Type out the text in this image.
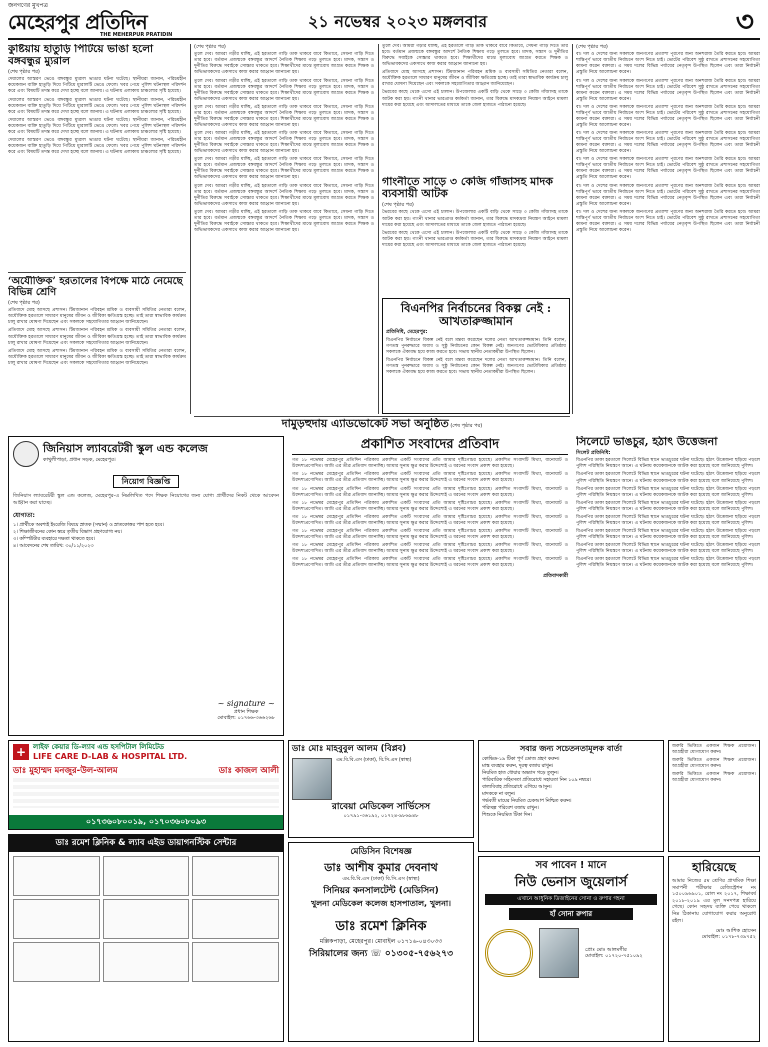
জনগণের মুখপত্র
মেহেরপুর প্রতিদিন
THE MEHERPUR PRATIDIN
২১ নভেম্বর ২০২৩ মঙ্গলবার	৩
কুষ্টিয়ায় হাতুড়ি পিটিয়ে ভাঙা হলো বঙ্গবন্ধুর ম্যুরাল
(শেষ পৃষ্ঠার পর)
দেয়ালের আস্তরণ ভেঙে বঙ্গবন্ধুর ম্যুরাল ভাঙার ঘটনা ঘটেছে। স্থানীয়রা জানান, পরিচয়হীন কয়েকজন ব্যক্তি হাতুড়ি দিয়ে পিটিয়ে ম্যুরালটি ভেঙে ফেলে। খবর পেয়ে পুলিশ ঘটনাস্থল পরিদর্শন করে এবং বিষয়টি তদন্ত করে দেখা হচ্ছে বলে জানায়। এ ঘটনায় এলাকায় চাঞ্চল্যের সৃষ্টি হয়েছে।
দেয়ালের আস্তরণ ভেঙে বঙ্গবন্ধুর ম্যুরাল ভাঙার ঘটনা ঘটেছে। স্থানীয়রা জানান, পরিচয়হীন কয়েকজন ব্যক্তি হাতুড়ি দিয়ে পিটিয়ে ম্যুরালটি ভেঙে ফেলে। খবর পেয়ে পুলিশ ঘটনাস্থল পরিদর্শন করে এবং বিষয়টি তদন্ত করে দেখা হচ্ছে বলে জানায়। এ ঘটনায় এলাকায় চাঞ্চল্যের সৃষ্টি হয়েছে।
দেয়ালের আস্তরণ ভেঙে বঙ্গবন্ধুর ম্যুরাল ভাঙার ঘটনা ঘটেছে। স্থানীয়রা জানান, পরিচয়হীন কয়েকজন ব্যক্তি হাতুড়ি দিয়ে পিটিয়ে ম্যুরালটি ভেঙে ফেলে। খবর পেয়ে পুলিশ ঘটনাস্থল পরিদর্শন করে এবং বিষয়টি তদন্ত করে দেখা হচ্ছে বলে জানায়। এ ঘটনায় এলাকায় চাঞ্চল্যের সৃষ্টি হয়েছে।
দেয়ালের আস্তরণ ভেঙে বঙ্গবন্ধুর ম্যুরাল ভাঙার ঘটনা ঘটেছে। স্থানীয়রা জানান, পরিচয়হীন কয়েকজন ব্যক্তি হাতুড়ি দিয়ে পিটিয়ে ম্যুরালটি ভেঙে ফেলে। খবর পেয়ে পুলিশ ঘটনাস্থল পরিদর্শন করে এবং বিষয়টি তদন্ত করে দেখা হচ্ছে বলে জানায়। এ ঘটনায় এলাকায় চাঞ্চল্যের সৃষ্টি হয়েছে।
‘অযৌক্তিক’ হরতালের বিপক্ষে মাঠে নেমেছে বিভিন্ন শ্রেণি
(শেষ পৃষ্ঠার পর)
প্রতিবাদে মোহ আসছে প্রশাসন। টিমজানান পরিবহন শ্রমিক ও ব্যবসায়ী সমিতির নেতারা বলেন, অযৌক্তিক হরতালে সাধারণ মানুষের জীবন ও জীবিকা ক্ষতিগ্রস্ত হচ্ছে। তাই তারা স্বাভাবিক কার্যক্রম চালু রাখার ঘোষণা দিয়েছেন এবং সকলকে সহযোগিতার আহ্বান জানিয়েছেন।
প্রতিবাদে মোহ আসছে প্রশাসন। টিমজানান পরিবহন শ্রমিক ও ব্যবসায়ী সমিতির নেতারা বলেন, অযৌক্তিক হরতালে সাধারণ মানুষের জীবন ও জীবিকা ক্ষতিগ্রস্ত হচ্ছে। তাই তারা স্বাভাবিক কার্যক্রম চালু রাখার ঘোষণা দিয়েছেন এবং সকলকে সহযোগিতার আহ্বান জানিয়েছেন।
প্রতিবাদে মোহ আসছে প্রশাসন। টিমজানান পরিবহন শ্রমিক ও ব্যবসায়ী সমিতির নেতারা বলেন, অযৌক্তিক হরতালে সাধারণ মানুষের জীবন ও জীবিকা ক্ষতিগ্রস্ত হচ্ছে। তাই তারা স্বাভাবিক কার্যক্রম চালু রাখার ঘোষণা দিয়েছেন এবং সকলকে সহযোগিতার আহ্বান জানিয়েছেন।
(শেষ পৃষ্ঠার পর)
তুলে দেব। আমরা গড়ীর যাচ্ছি, এই হরতালে গাড়ি তাক থাকবে বাবে কিতাবে, সেধনা গাড়ি দিতে তার হবে। বর্তমান প্রজন্মকে বঙ্গবন্ধুর আদর্শে নৈতিক শিক্ষায় গড়ে তুলতে হবে। মাদক, সন্ত্রাস ও দুর্নীতির বিরুদ্ধে সবাইকে সোচ্চার থাকতে হবে। শিক্ষার্থীদের মাঝে মূল্যবোধ জাগ্রত করতে শিক্ষক ও অভিভাবকদের একসাথে কাজ করার আহ্বান জানানো হয়।
তুলে দেব। আমরা গড়ীর যাচ্ছি, এই হরতালে গাড়ি তাক থাকবে বাবে কিতাবে, সেধনা গাড়ি দিতে তার হবে। বর্তমান প্রজন্মকে বঙ্গবন্ধুর আদর্শে নৈতিক শিক্ষায় গড়ে তুলতে হবে। মাদক, সন্ত্রাস ও দুর্নীতির বিরুদ্ধে সবাইকে সোচ্চার থাকতে হবে। শিক্ষার্থীদের মাঝে মূল্যবোধ জাগ্রত করতে শিক্ষক ও অভিভাবকদের একসাথে কাজ করার আহ্বান জানানো হয়।
তুলে দেব। আমরা গড়ীর যাচ্ছি, এই হরতালে গাড়ি তাক থাকবে বাবে কিতাবে, সেধনা গাড়ি দিতে তার হবে। বর্তমান প্রজন্মকে বঙ্গবন্ধুর আদর্শে নৈতিক শিক্ষায় গড়ে তুলতে হবে। মাদক, সন্ত্রাস ও দুর্নীতির বিরুদ্ধে সবাইকে সোচ্চার থাকতে হবে। শিক্ষার্থীদের মাঝে মূল্যবোধ জাগ্রত করতে শিক্ষক ও অভিভাবকদের একসাথে কাজ করার আহ্বান জানানো হয়।
তুলে দেব। আমরা গড়ীর যাচ্ছি, এই হরতালে গাড়ি তাক থাকবে বাবে কিতাবে, সেধনা গাড়ি দিতে তার হবে। বর্তমান প্রজন্মকে বঙ্গবন্ধুর আদর্শে নৈতিক শিক্ষায় গড়ে তুলতে হবে। মাদক, সন্ত্রাস ও দুর্নীতির বিরুদ্ধে সবাইকে সোচ্চার থাকতে হবে। শিক্ষার্থীদের মাঝে মূল্যবোধ জাগ্রত করতে শিক্ষক ও অভিভাবকদের একসাথে কাজ করার আহ্বান জানানো হয়।
তুলে দেব। আমরা গড়ীর যাচ্ছি, এই হরতালে গাড়ি তাক থাকবে বাবে কিতাবে, সেধনা গাড়ি দিতে তার হবে। বর্তমান প্রজন্মকে বঙ্গবন্ধুর আদর্শে নৈতিক শিক্ষায় গড়ে তুলতে হবে। মাদক, সন্ত্রাস ও দুর্নীতির বিরুদ্ধে সবাইকে সোচ্চার থাকতে হবে। শিক্ষার্থীদের মাঝে মূল্যবোধ জাগ্রত করতে শিক্ষক ও অভিভাবকদের একসাথে কাজ করার আহ্বান জানানো হয়।
তুলে দেব। আমরা গড়ীর যাচ্ছি, এই হরতালে গাড়ি তাক থাকবে বাবে কিতাবে, সেধনা গাড়ি দিতে তার হবে। বর্তমান প্রজন্মকে বঙ্গবন্ধুর আদর্শে নৈতিক শিক্ষায় গড়ে তুলতে হবে। মাদক, সন্ত্রাস ও দুর্নীতির বিরুদ্ধে সবাইকে সোচ্চার থাকতে হবে। শিক্ষার্থীদের মাঝে মূল্যবোধ জাগ্রত করতে শিক্ষক ও অভিভাবকদের একসাথে কাজ করার আহ্বান জানানো হয়।
তুলে দেব। আমরা গড়ীর যাচ্ছি, এই হরতালে গাড়ি তাক থাকবে বাবে কিতাবে, সেধনা গাড়ি দিতে তার হবে। বর্তমান প্রজন্মকে বঙ্গবন্ধুর আদর্শে নৈতিক শিক্ষায় গড়ে তুলতে হবে। মাদক, সন্ত্রাস ও দুর্নীতির বিরুদ্ধে সবাইকে সোচ্চার থাকতে হবে। শিক্ষার্থীদের মাঝে মূল্যবোধ জাগ্রত করতে শিক্ষক ও অভিভাবকদের একসাথে কাজ করার আহ্বান জানানো হয়।
তুলে দেব। আমরা গড়ীর যাচ্ছি, এই হরতালে গাড়ি তাক থাকবে বাবে কিতাবে, সেধনা গাড়ি দিতে তার হবে। বর্তমান প্রজন্মকে বঙ্গবন্ধুর আদর্শে নৈতিক শিক্ষায় গড়ে তুলতে হবে। মাদক, সন্ত্রাস ও দুর্নীতির বিরুদ্ধে সবাইকে সোচ্চার থাকতে হবে। শিক্ষার্থীদের মাঝে মূল্যবোধ জাগ্রত করতে শিক্ষক ও অভিভাবকদের একসাথে কাজ করার আহ্বান জানানো হয়।
প্রতিবাদে মোহ আসছে প্রশাসন। টিমজানান পরিবহন শ্রমিক ও ব্যবসায়ী সমিতির নেতারা বলেন, অযৌক্তিক হরতালে সাধারণ মানুষের জীবন ও জীবিকা ক্ষতিগ্রস্ত হচ্ছে। তাই তারা স্বাভাবিক কার্যক্রম চালু রাখার ঘোষণা দিয়েছেন এবং সকলকে সহযোগিতার আহ্বান জানিয়েছেন।
ভৈরবের কাছে থেকে এসো এই চালান। উপজেলার একটি বাড়ি থেকে সাড়ে ৩ কেজি গাঁজাসহ তাকে আটক করা হয়। গাংনী থানার ভারপ্রাপ্ত কর্মকর্তা জানান, তার বিরুদ্ধে মাদকদ্রব্য নিয়ন্ত্রণ আইনে মামলা দায়ের করা হয়েছে এবং আদালতের মাধ্যমে তাকে জেল হাজতে পাঠানো হয়েছে।
গাংনীতে সাড়ে ৩ কেজি গাঁজাসহ মাদক ব্যবসায়ী আটক
(শেষ পৃষ্ঠার পর)
ভৈরবের কাছে থেকে এসো এই চালান। উপজেলার একটি বাড়ি থেকে সাড়ে ৩ কেজি গাঁজাসহ তাকে আটক করা হয়। গাংনী থানার ভারপ্রাপ্ত কর্মকর্তা জানান, তার বিরুদ্ধে মাদকদ্রব্য নিয়ন্ত্রণ আইনে মামলা দায়ের করা হয়েছে এবং আদালতের মাধ্যমে তাকে জেল হাজতে পাঠানো হয়েছে।
ভৈরবের কাছে থেকে এসো এই চালান। উপজেলার একটি বাড়ি থেকে সাড়ে ৩ কেজি গাঁজাসহ তাকে আটক করা হয়। গাংনী থানার ভারপ্রাপ্ত কর্মকর্তা জানান, তার বিরুদ্ধে মাদকদ্রব্য নিয়ন্ত্রণ আইনে মামলা দায়ের করা হয়েছে এবং আদালতের মাধ্যমে তাকে জেল হাজতে পাঠানো হয়েছে।
(শেষ পৃষ্ঠার পর)
বা। দল ও দেশের জন্য সকলকে জনগণের প্রত্যাশা পূরণের জন্য অনশরাজ তৈরি করতে হবে। আমরা শান্তিপূর্ণ ভাবে জাতীয় নির্বাচনে অংশ নিতে চাই। ভোটের পরিবেশ সুষ্ঠু রাখতে প্রশাসনের সহযোগিতা কামনা করেন বক্তারা। এ সময় দলের বিভিন্ন পর্যায়ের নেতৃবৃন্দ উপস্থিত ছিলেন এবং তারা নির্বাচনী প্রস্তুতি নিয়ে আলোচনা করেন।
বা। দল ও দেশের জন্য সকলকে জনগণের প্রত্যাশা পূরণের জন্য অনশরাজ তৈরি করতে হবে। আমরা শান্তিপূর্ণ ভাবে জাতীয় নির্বাচনে অংশ নিতে চাই। ভোটের পরিবেশ সুষ্ঠু রাখতে প্রশাসনের সহযোগিতা কামনা করেন বক্তারা। এ সময় দলের বিভিন্ন পর্যায়ের নেতৃবৃন্দ উপস্থিত ছিলেন এবং তারা নির্বাচনী প্রস্তুতি নিয়ে আলোচনা করেন।
বা। দল ও দেশের জন্য সকলকে জনগণের প্রত্যাশা পূরণের জন্য অনশরাজ তৈরি করতে হবে। আমরা শান্তিপূর্ণ ভাবে জাতীয় নির্বাচনে অংশ নিতে চাই। ভোটের পরিবেশ সুষ্ঠু রাখতে প্রশাসনের সহযোগিতা কামনা করেন বক্তারা। এ সময় দলের বিভিন্ন পর্যায়ের নেতৃবৃন্দ উপস্থিত ছিলেন এবং তারা নির্বাচনী প্রস্তুতি নিয়ে আলোচনা করেন।
বা। দল ও দেশের জন্য সকলকে জনগণের প্রত্যাশা পূরণের জন্য অনশরাজ তৈরি করতে হবে। আমরা শান্তিপূর্ণ ভাবে জাতীয় নির্বাচনে অংশ নিতে চাই। ভোটের পরিবেশ সুষ্ঠু রাখতে প্রশাসনের সহযোগিতা কামনা করেন বক্তারা। এ সময় দলের বিভিন্ন পর্যায়ের নেতৃবৃন্দ উপস্থিত ছিলেন এবং তারা নির্বাচনী প্রস্তুতি নিয়ে আলোচনা করেন।
বা। দল ও দেশের জন্য সকলকে জনগণের প্রত্যাশা পূরণের জন্য অনশরাজ তৈরি করতে হবে। আমরা শান্তিপূর্ণ ভাবে জাতীয় নির্বাচনে অংশ নিতে চাই। ভোটের পরিবেশ সুষ্ঠু রাখতে প্রশাসনের সহযোগিতা কামনা করেন বক্তারা। এ সময় দলের বিভিন্ন পর্যায়ের নেতৃবৃন্দ উপস্থিত ছিলেন এবং তারা নির্বাচনী প্রস্তুতি নিয়ে আলোচনা করেন।
বা। দল ও দেশের জন্য সকলকে জনগণের প্রত্যাশা পূরণের জন্য অনশরাজ তৈরি করতে হবে। আমরা শান্তিপূর্ণ ভাবে জাতীয় নির্বাচনে অংশ নিতে চাই। ভোটের পরিবেশ সুষ্ঠু রাখতে প্রশাসনের সহযোগিতা কামনা করেন বক্তারা। এ সময় দলের বিভিন্ন পর্যায়ের নেতৃবৃন্দ উপস্থিত ছিলেন এবং তারা নির্বাচনী প্রস্তুতি নিয়ে আলোচনা করেন।
বা। দল ও দেশের জন্য সকলকে জনগণের প্রত্যাশা পূরণের জন্য অনশরাজ তৈরি করতে হবে। আমরা শান্তিপূর্ণ ভাবে জাতীয় নির্বাচনে অংশ নিতে চাই। ভোটের পরিবেশ সুষ্ঠু রাখতে প্রশাসনের সহযোগিতা কামনা করেন বক্তারা। এ সময় দলের বিভিন্ন পর্যায়ের নেতৃবৃন্দ উপস্থিত ছিলেন এবং তারা নির্বাচনী প্রস্তুতি নিয়ে আলোচনা করেন।
বিএনপির নির্বাচনের বিকল্প নেই : আখতারুজ্জামান
প্রতিনিধি, মেহেরপুর:
বিএনপির নির্বাচনে বিকল্প নেই বলে মন্তব্য করেছেন দলের নেতা আখতারুজ্জামান। তিনি বলেন, গণতন্ত্র পুনরুদ্ধারে অবাধ ও সুষ্ঠু নির্বাচনের কোন বিকল্প নেই। জনগণের ভোটাধিকার প্রতিষ্ঠায় সকলকে ঐক্যবদ্ধ হয়ে কাজ করতে হবে। সভায় স্থানীয় নেতাকর্মীরা উপস্থিত ছিলেন।
বিএনপির নির্বাচনে বিকল্প নেই বলে মন্তব্য করেছেন দলের নেতা আখতারুজ্জামান। তিনি বলেন, গণতন্ত্র পুনরুদ্ধারে অবাধ ও সুষ্ঠু নির্বাচনের কোন বিকল্প নেই। জনগণের ভোটাধিকার প্রতিষ্ঠায় সকলকে ঐক্যবদ্ধ হয়ে কাজ করতে হবে। সভায় স্থানীয় নেতাকর্মীরা উপস্থিত ছিলেন।
দামুড়হুদায় এ্যাডভোকেট সভা অনুষ্ঠিত (শেষ পৃষ্ঠার পর)
জিনিয়াস ল্যাবরেটরী স্কুল এন্ড কলেজ
কাথুলীপাড়া, প্রধান সড়ক, মেহেরপুর।
নিয়োগ বিজ্ঞপ্তি
জিনিয়াস ল্যাবরেটরী স্কুল এন্ড কলেজ, মেহেরপুর-এ নিম্নলিখিত পদে শিক্ষক নিয়োগের জন্য যোগ্য প্রার্থীদের নিকট থেকে আবেদন আহ্বান করা যাচ্ছে।
যোগ্যতা:
১। প্রার্থীকে অবশ্যই ইংরেজি বিষয়ে স্নাতক (সম্মান) ও স্নাতকোত্তর পাশ হতে হবে।
২। শিক্ষাজীবনের কোন স্তরে তৃতীয় বিভাগ গ্রহণযোগ্য নয়।
৩। কম্পিউটার ব্যবহারে দক্ষতা থাকতে হবে।
৪। আবেদনের শেষ তারিখ: ৩০/১১/২০২৩
~ signature ~
প্রধান শিক্ষক
মোবাইল: ০১৭৬৬-৩৬৬২৬৮
প্রকাশিত সংবাদের প্রতিবাদ
গত ১৮ নভেম্বর মেহেরপুর প্রতিদিন পত্রিকায় প্রকাশিত একটি সংবাদের প্রতি আমার দৃষ্টিগোচর হয়েছে। প্রকাশিত সংবাদটি মিথ্যা, বানোয়াট ও উদ্দেশ্যপ্রণোদিত। আমি এর তীব্র প্রতিবাদ জানাচ্ছি। আমার সুনাম ক্ষুণ্ণ করার উদ্দেশ্যেই এ ধরনের সংবাদ প্রকাশ করা হয়েছে।
গত ১৮ নভেম্বর মেহেরপুর প্রতিদিন পত্রিকায় প্রকাশিত একটি সংবাদের প্রতি আমার দৃষ্টিগোচর হয়েছে। প্রকাশিত সংবাদটি মিথ্যা, বানোয়াট ও উদ্দেশ্যপ্রণোদিত। আমি এর তীব্র প্রতিবাদ জানাচ্ছি। আমার সুনাম ক্ষুণ্ণ করার উদ্দেশ্যেই এ ধরনের সংবাদ প্রকাশ করা হয়েছে।
গত ১৮ নভেম্বর মেহেরপুর প্রতিদিন পত্রিকায় প্রকাশিত একটি সংবাদের প্রতি আমার দৃষ্টিগোচর হয়েছে। প্রকাশিত সংবাদটি মিথ্যা, বানোয়াট ও উদ্দেশ্যপ্রণোদিত। আমি এর তীব্র প্রতিবাদ জানাচ্ছি। আমার সুনাম ক্ষুণ্ণ করার উদ্দেশ্যেই এ ধরনের সংবাদ প্রকাশ করা হয়েছে।
গত ১৮ নভেম্বর মেহেরপুর প্রতিদিন পত্রিকায় প্রকাশিত একটি সংবাদের প্রতি আমার দৃষ্টিগোচর হয়েছে। প্রকাশিত সংবাদটি মিথ্যা, বানোয়াট ও উদ্দেশ্যপ্রণোদিত। আমি এর তীব্র প্রতিবাদ জানাচ্ছি। আমার সুনাম ক্ষুণ্ণ করার উদ্দেশ্যেই এ ধরনের সংবাদ প্রকাশ করা হয়েছে।
গত ১৮ নভেম্বর মেহেরপুর প্রতিদিন পত্রিকায় প্রকাশিত একটি সংবাদের প্রতি আমার দৃষ্টিগোচর হয়েছে। প্রকাশিত সংবাদটি মিথ্যা, বানোয়াট ও উদ্দেশ্যপ্রণোদিত। আমি এর তীব্র প্রতিবাদ জানাচ্ছি। আমার সুনাম ক্ষুণ্ণ করার উদ্দেশ্যেই এ ধরনের সংবাদ প্রকাশ করা হয়েছে।
গত ১৮ নভেম্বর মেহেরপুর প্রতিদিন পত্রিকায় প্রকাশিত একটি সংবাদের প্রতি আমার দৃষ্টিগোচর হয়েছে। প্রকাশিত সংবাদটি মিথ্যা, বানোয়াট ও উদ্দেশ্যপ্রণোদিত। আমি এর তীব্র প্রতিবাদ জানাচ্ছি। আমার সুনাম ক্ষুণ্ণ করার উদ্দেশ্যেই এ ধরনের সংবাদ প্রকাশ করা হয়েছে।
গত ১৮ নভেম্বর মেহেরপুর প্রতিদিন পত্রিকায় প্রকাশিত একটি সংবাদের প্রতি আমার দৃষ্টিগোচর হয়েছে। প্রকাশিত সংবাদটি মিথ্যা, বানোয়াট ও উদ্দেশ্যপ্রণোদিত। আমি এর তীব্র প্রতিবাদ জানাচ্ছি। আমার সুনাম ক্ষুণ্ণ করার উদ্দেশ্যেই এ ধরনের সংবাদ প্রকাশ করা হয়েছে।
গত ১৮ নভেম্বর মেহেরপুর প্রতিদিন পত্রিকায় প্রকাশিত একটি সংবাদের প্রতি আমার দৃষ্টিগোচর হয়েছে। প্রকাশিত সংবাদটি মিথ্যা, বানোয়াট ও উদ্দেশ্যপ্রণোদিত। আমি এর তীব্র প্রতিবাদ জানাচ্ছি। আমার সুনাম ক্ষুণ্ণ করার উদ্দেশ্যেই এ ধরনের সংবাদ প্রকাশ করা হয়েছে।
প্রতিবাদকারী
সিলেটে ভাঙচুর, হঠাৎ উত্তেজনা
সিলেট প্রতিনিধি:
বিএনপির ডাকা হরতালে সিলেটে বিভিন্ন স্থানে ভাঙচুরের ঘটনা ঘটেছে। হঠাৎ উত্তেজনা ছড়িয়ে পড়লে পুলিশ পরিস্থিতি নিয়ন্ত্রণে আনে। এ ঘটনায় কয়েকজনকে আটক করা হয়েছে বলে জানিয়েছে পুলিশ।
বিএনপির ডাকা হরতালে সিলেটে বিভিন্ন স্থানে ভাঙচুরের ঘটনা ঘটেছে। হঠাৎ উত্তেজনা ছড়িয়ে পড়লে পুলিশ পরিস্থিতি নিয়ন্ত্রণে আনে। এ ঘটনায় কয়েকজনকে আটক করা হয়েছে বলে জানিয়েছে পুলিশ।
বিএনপির ডাকা হরতালে সিলেটে বিভিন্ন স্থানে ভাঙচুরের ঘটনা ঘটেছে। হঠাৎ উত্তেজনা ছড়িয়ে পড়লে পুলিশ পরিস্থিতি নিয়ন্ত্রণে আনে। এ ঘটনায় কয়েকজনকে আটক করা হয়েছে বলে জানিয়েছে পুলিশ।
বিএনপির ডাকা হরতালে সিলেটে বিভিন্ন স্থানে ভাঙচুরের ঘটনা ঘটেছে। হঠাৎ উত্তেজনা ছড়িয়ে পড়লে পুলিশ পরিস্থিতি নিয়ন্ত্রণে আনে। এ ঘটনায় কয়েকজনকে আটক করা হয়েছে বলে জানিয়েছে পুলিশ।
বিএনপির ডাকা হরতালে সিলেটে বিভিন্ন স্থানে ভাঙচুরের ঘটনা ঘটেছে। হঠাৎ উত্তেজনা ছড়িয়ে পড়লে পুলিশ পরিস্থিতি নিয়ন্ত্রণে আনে। এ ঘটনায় কয়েকজনকে আটক করা হয়েছে বলে জানিয়েছে পুলিশ।
বিএনপির ডাকা হরতালে সিলেটে বিভিন্ন স্থানে ভাঙচুরের ঘটনা ঘটেছে। হঠাৎ উত্তেজনা ছড়িয়ে পড়লে পুলিশ পরিস্থিতি নিয়ন্ত্রণে আনে। এ ঘটনায় কয়েকজনকে আটক করা হয়েছে বলে জানিয়েছে পুলিশ।
বিএনপির ডাকা হরতালে সিলেটে বিভিন্ন স্থানে ভাঙচুরের ঘটনা ঘটেছে। হঠাৎ উত্তেজনা ছড়িয়ে পড়লে পুলিশ পরিস্থিতি নিয়ন্ত্রণে আনে। এ ঘটনায় কয়েকজনকে আটক করা হয়েছে বলে জানিয়েছে পুলিশ।
বিএনপির ডাকা হরতালে সিলেটে বিভিন্ন স্থানে ভাঙচুরের ঘটনা ঘটেছে। হঠাৎ উত্তেজনা ছড়িয়ে পড়লে পুলিশ পরিস্থিতি নিয়ন্ত্রণে আনে। এ ঘটনায় কয়েকজনকে আটক করা হয়েছে বলে জানিয়েছে পুলিশ।
+ লাইফ কেয়ার ডি-ল্যাব এন্ড হসপিটাল লিমিটেড
LIFE CARE D-LAB & HOSPITAL LTD.
ডাঃ মুহাম্মদ মনজুর-উল-আলম	ডাঃ কাজল আলী
০১৭৩৬০৮০০১৯, ০১৭০৩৬০৮০৯৩
ডাঃ মোঃ মাহবুবুল আলম (বিপ্লব)
এম.বি.বি.এস (ঢাকা), বি.সি.এস (স্বাস্থ্য)
রাবেয়া মেডিকেল সার্ভিসেস
০১৭৯১-৩৬১৯২, ০১৭২৪-৯৮৬৯৪৮
সবার জন্য সচেতনতামূলক বার্তা
কোভিড-১৯ টিকা পূর্ণ ডোজ গ্রহণ করুন।
মাস্ক ব্যবহার করুন, দূরত্ব বজায় রাখুন।
নিয়মিত হাত ধোয়ার অভ্যাস গড়ে তুলুন।
পারিবারিক সহিংসতা প্রতিরোধে সহায়তা নিন ১০৯ নম্বরে।
বাল্যবিবাহ প্রতিরোধে এগিয়ে আসুন।
মাদককে না বলুন।
গর্ভবতী মায়ের নিয়মিত চেকআপ নিশ্চিত করুন।
পরিচ্ছন্ন পরিবেশ বজায় রাখুন।
শিশুকে নিয়মিত টিকা দিন।
জরুরি ভিত্তিতে একজন শিক্ষক প্রয়োজন। আগ্রহীরা যোগাযোগ করুন।
জরুরি ভিত্তিতে একজন শিক্ষক প্রয়োজন। আগ্রহীরা যোগাযোগ করুন।
জরুরি ভিত্তিতে একজন শিক্ষক প্রয়োজন। আগ্রহীরা যোগাযোগ করুন।
ডাঃ রমেশ ক্লিনিক & ল্যাব এইড ডায়াগনস্টিক সেন্টার
মেডিসিন বিশেষজ্ঞ
ডাঃ আশীষ কুমার দেবনাথ
এম.বি.বি.এস (ঢাকা) বি.সি.এস (স্বাস্থ্য)
সিনিয়র কনসালটেন্ট (মেডিসিন)
খুলনা মেডিকেল কলেজ হাসপাতাল, খুলনা।
ডাঃ রমেশ ক্লিনিক
মল্লিকপাড়া, মেহেরপুর। মোবাইল ০১৭১৬-০৪৩০৩৩
সিরিয়ালের জন্য ☏ ০১৩০৫-৭৫৬২৭৩
সব পাবেন ! মানে
নিউ ভেনাস জুয়েলার্স
এখানে আধুনিক ডিজাইনের সোনা ও রুপার গহনা
হাঁ সোনা রুপার
প্রোঃ মোঃ আলমগীর
মোবাইল: ০১৭২০-৭৫১০৯২
হারিয়েছে
আমার নিজের ৫ম শ্রেণির প্রাথমিক শিক্ষা সমাপনী পরীক্ষার রেজিস্ট্রেশন নং ১৫০০৯৬৯০১, রোল নং ২০১৭, শিক্ষাবর্ষ ২০১৮-২০১৯ এর মূল সনদপত্র হারিয়ে গেছে। কোন সহৃদয় ব্যক্তি পেয়ে থাকলে নিম্ন ঠিকানায় যোগাযোগ করার অনুরোধ রইল।
মোঃ আশিক হোসেন
মোবাইল: ০১৭৮-৭৩৯৭৫২
